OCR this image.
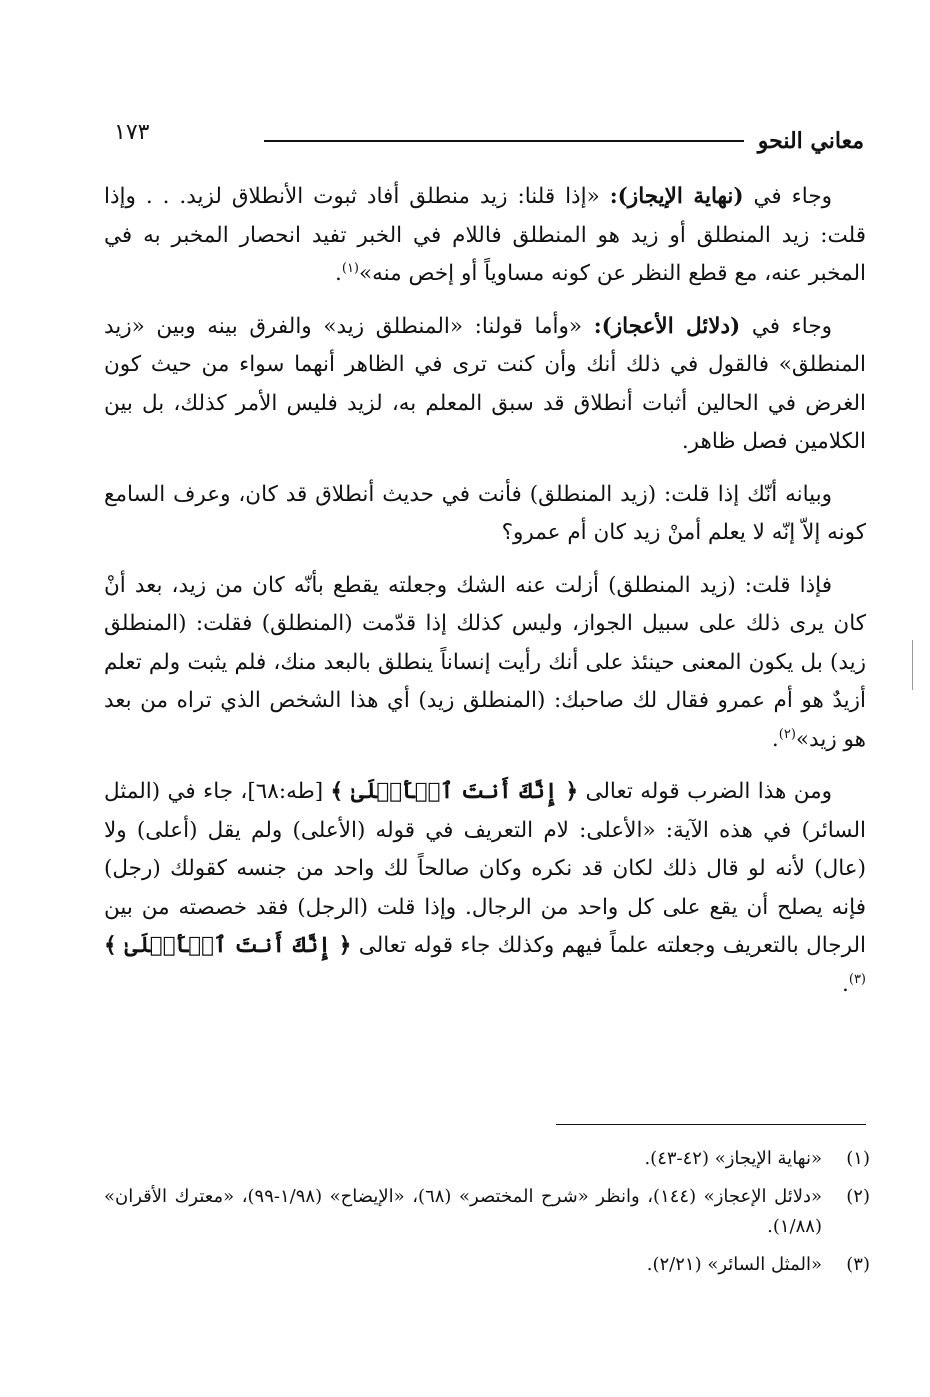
معاني النحو
١٧٣

وجاء في (نهاية الإيجاز): «إذا قلنا: زيد منطلق أفاد ثبوت الأنطلاق لزيد. . . وإذا قلت: زيد المنطلق أو زيد هو المنطلق فاللام في الخبر تفيد انحصار المخبر به في المخبر عنه، مع قطع النظر عن كونه مساوياً أو إخص منه»$^{(١)}$.

وجاء في (دلائل الأعجاز): «وأما قولنا: «المنطلق زيد» والفرق بينه وبين «زيد المنطلق» فالقول في ذلك أنك وأن كنت ترى في الظاهر أنهما سواء من حيث كون الغرض في الحالين أثبات أنطلاق قد سبق المعلم به، لزيد فليس الأمر كذلك، بل بين الكلامين فصل ظاهر.

وبيانه أنّك إذا قلت: (زيد المنطلق) فأنت في حديث أنطلاق قد كان، وعرف السامع كونه إلاّ إنّه لا يعلم أمنْ زيد كان أم عمرو؟

فإذا قلت: (زيد المنطلق) أزلت عنه الشك وجعلته يقطع بأنّه كان من زيد، بعد أنْ كان يرى ذلك على سبيل الجواز، وليس كذلك إذا قدّمت (المنطلق) فقلت: (المنطلق زيد) بل يكون المعنى حينئذ على أنك رأيت إنساناً ينطلق بالبعد منك، فلم يثبت ولم تعلم أزيدٌ هو أم عمرو فقال لك صاحبك: (المنطلق زيد) أي هذا الشخص الذي تراه من بعد هو زيد»$^{(٢)}$.

ومن هذا الضرب قوله تعالى ﴿ إِنَّكَ أَنتَ ٱلۡأَعۡلَىٰ ﴾ [طه:٦٨]، جاء في (المثل السائر) في هذه الآية: «الأعلى: لام التعريف في قوله (الأعلى) ولم يقل (أعلى) ولا (عال) لأنه لو قال ذلك لكان قد نكره وكان صالحاً لك واحد من جنسه كقولك (رجل) فإنه يصلح أن يقع على كل واحد من الرجال. وإذا قلت (الرجل) فقد خصصته من بين الرجال بالتعريف وجعلته علماً فيهم وكذلك جاء قوله تعالى ﴿ إِنَّكَ أَنتَ ٱلۡأَعۡلَىٰ ﴾$^{(٣)}$.

(١)
«نهاية الإيجاز» (٤٢-٤٣).
(٢)
«دلائل الإعجاز» (١٤٤)، وانظر «شرح المختصر» (٦٨)، «الإيضاح» (١/٩٨-٩٩)، «معترك الأقران» (١/٨٨).
(٣)
«المثل السائر» (٢/٢١).
